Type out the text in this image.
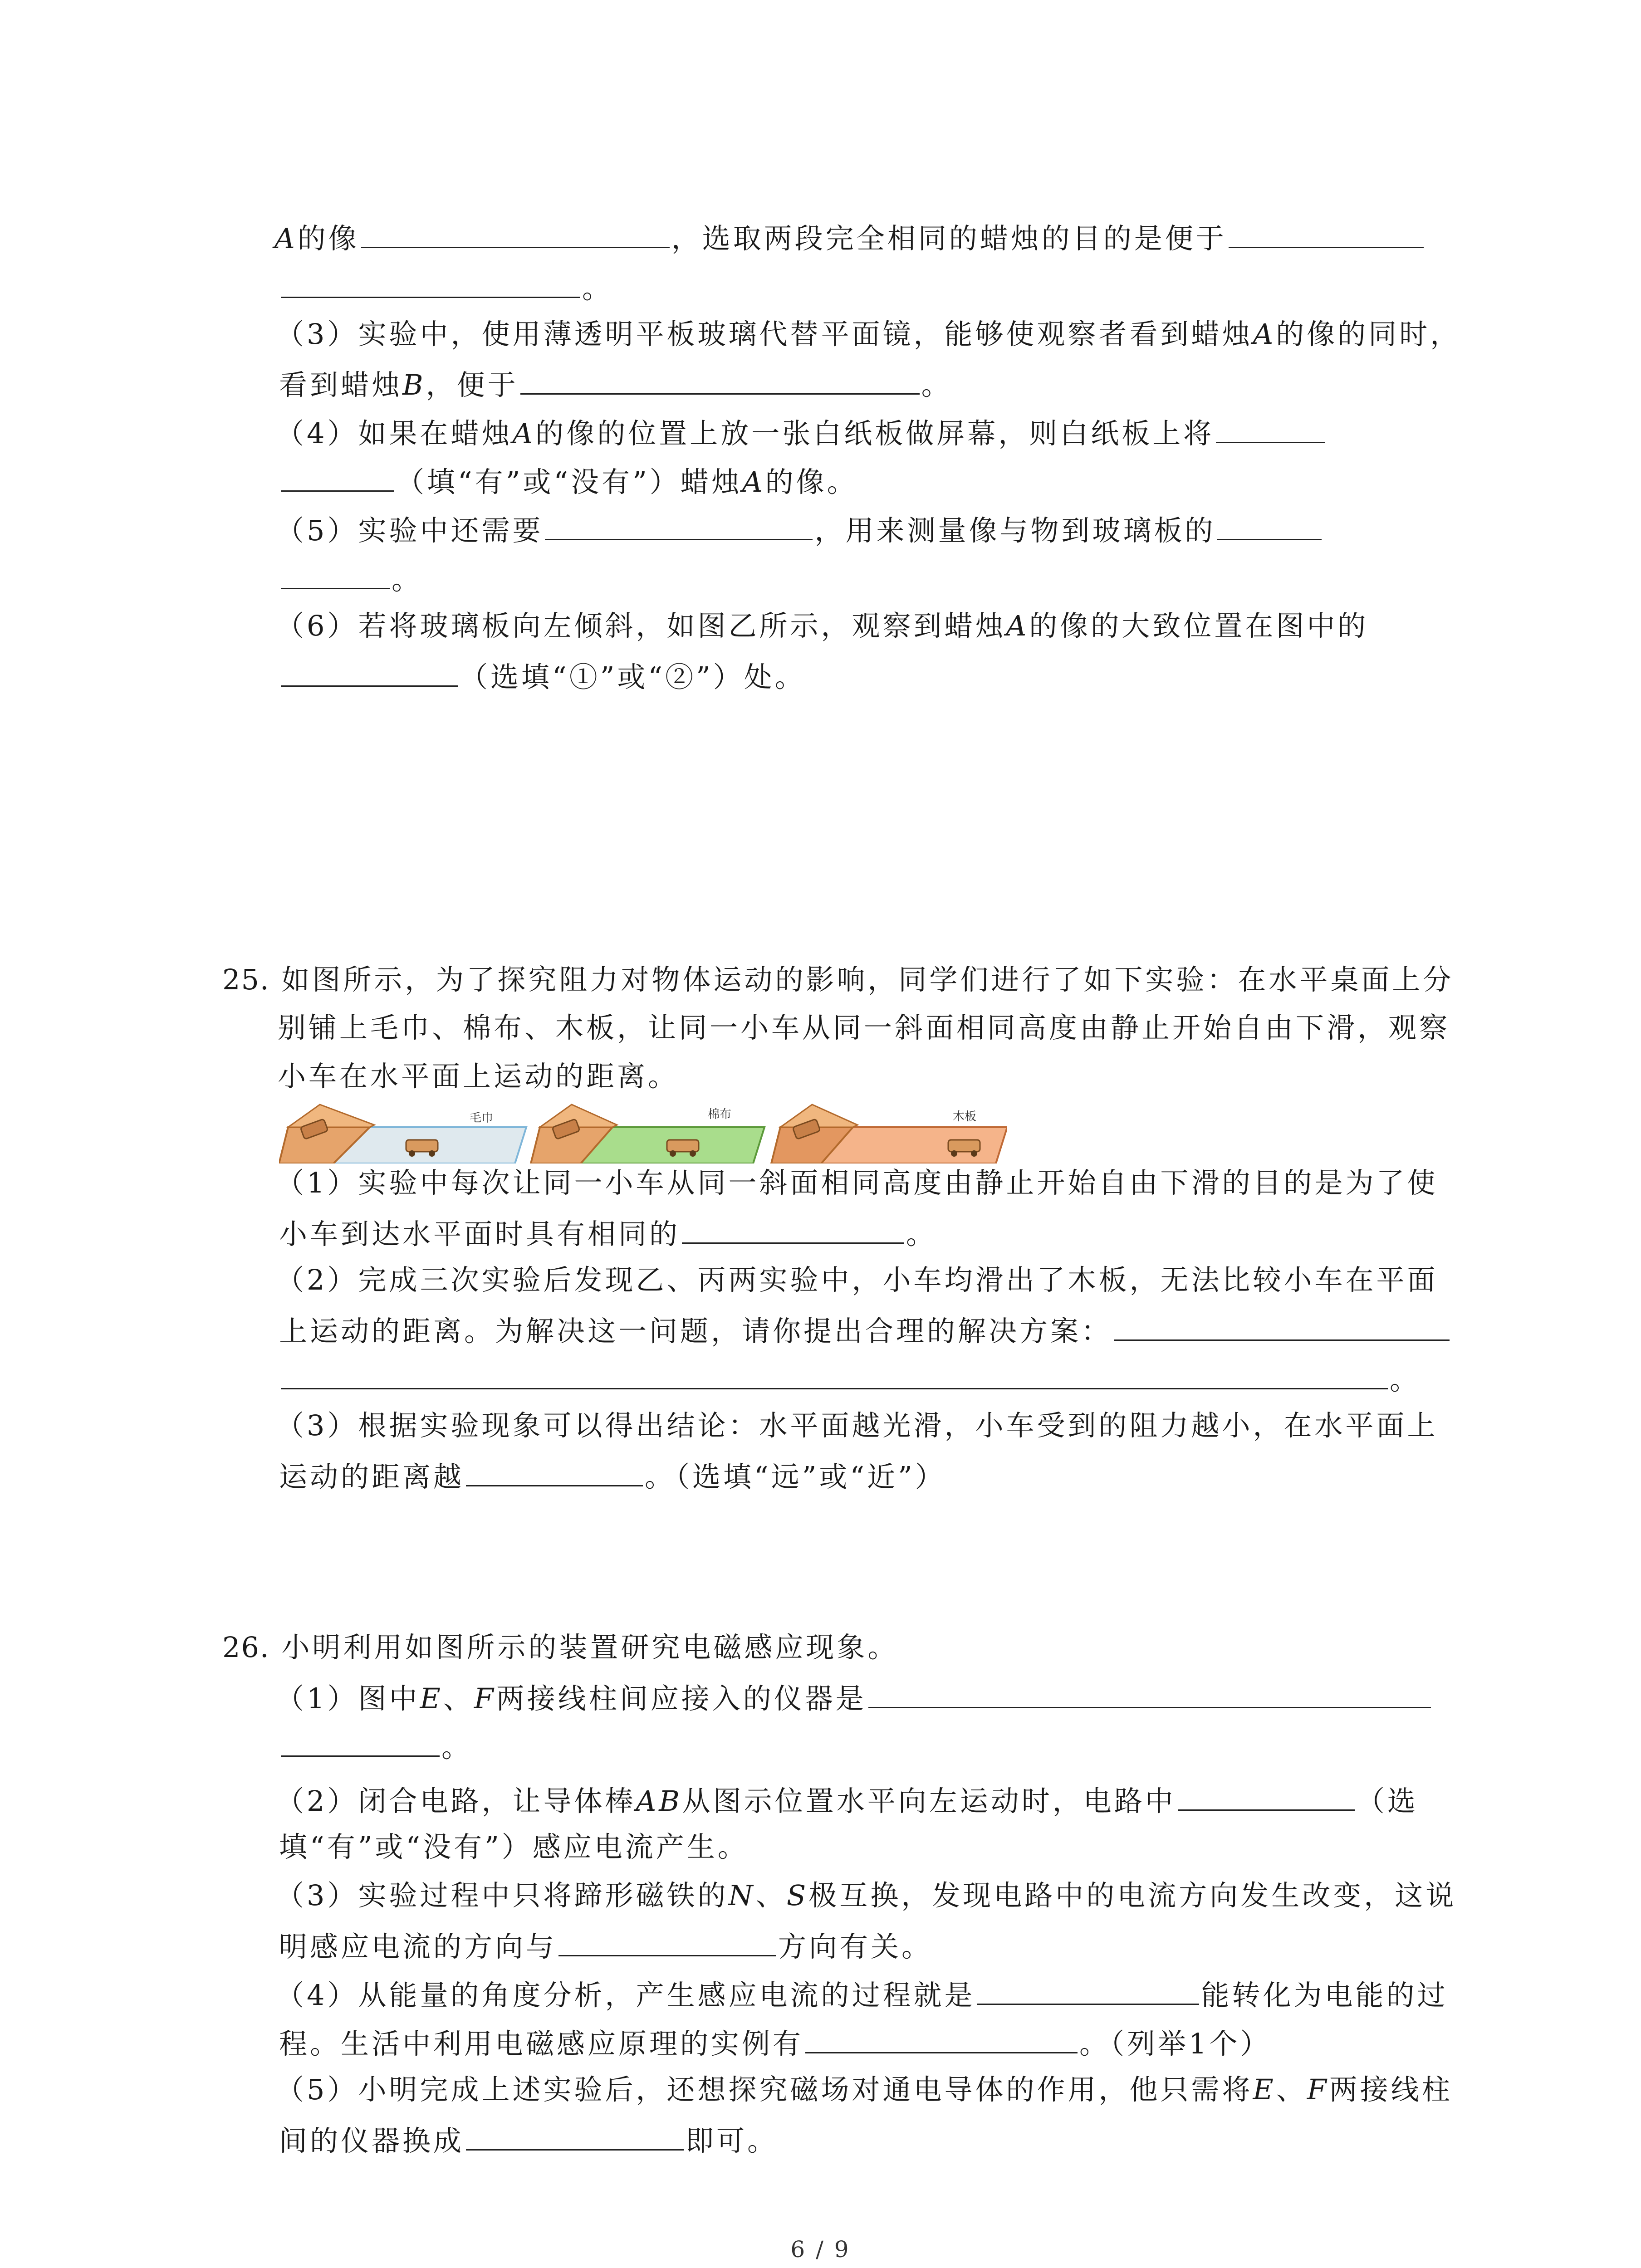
A的像	，选取两段完全相同的蜡烛的目的是便于
。
（3）实验中，使用薄透明平板玻璃代替平面镜，能够使观察者看到蜡烛A的像的同时，
看到蜡烛B，便于	。
（4）如果在蜡烛A的像的位置上放一张白纸板做屏幕，则白纸板上将
（填“有”或“没有”）蜡烛A的像。
（5）实验中还需要	，用来测量像与物到玻璃板的
。
（6）若将玻璃板向左倾斜，如图乙所示，观察到蜡烛A的像的大致位置在图中的
（选填“①”或“②”）处。
25. 如图所示，为了探究阻力对物体运动的影响，同学们进行了如下实验：在水平桌面上分
别铺上毛巾、棉布、木板，让同一小车从同一斜面相同高度由静止开始自由下滑，观察
小车在水平面上运动的距离。
毛巾	棉布	木板
（1）实验中每次让同一小车从同一斜面相同高度由静止开始自由下滑的目的是为了使
小车到达水平面时具有相同的	。
（2）完成三次实验后发现乙、丙两实验中，小车均滑出了木板，无法比较小车在平面
上运动的距离。为解决这一问题，请你提出合理的解决方案：
。
（3）根据实验现象可以得出结论：水平面越光滑，小车受到的阻力越小，在水平面上
运动的距离越	。（选填“远”或“近”）
26. 小明利用如图所示的装置研究电磁感应现象。
（1）图中E、F两接线柱间应接入的仪器是
。
（2）闭合电路，让导体棒AB从图示位置水平向左运动时，电路中	（选
填“有”或“没有”）感应电流产生。
（3）实验过程中只将蹄形磁铁的N、S极互换，发现电路中的电流方向发生改变，这说
明感应电流的方向与	方向有关。
（4）从能量的角度分析，产生感应电流的过程就是	能转化为电能的过
程。生活中利用电磁感应原理的实例有	。（列举1个）
（5）小明完成上述实验后，还想探究磁场对通电导体的作用，他只需将E、F两接线柱
间的仪器换成	即可。
6 / 9
